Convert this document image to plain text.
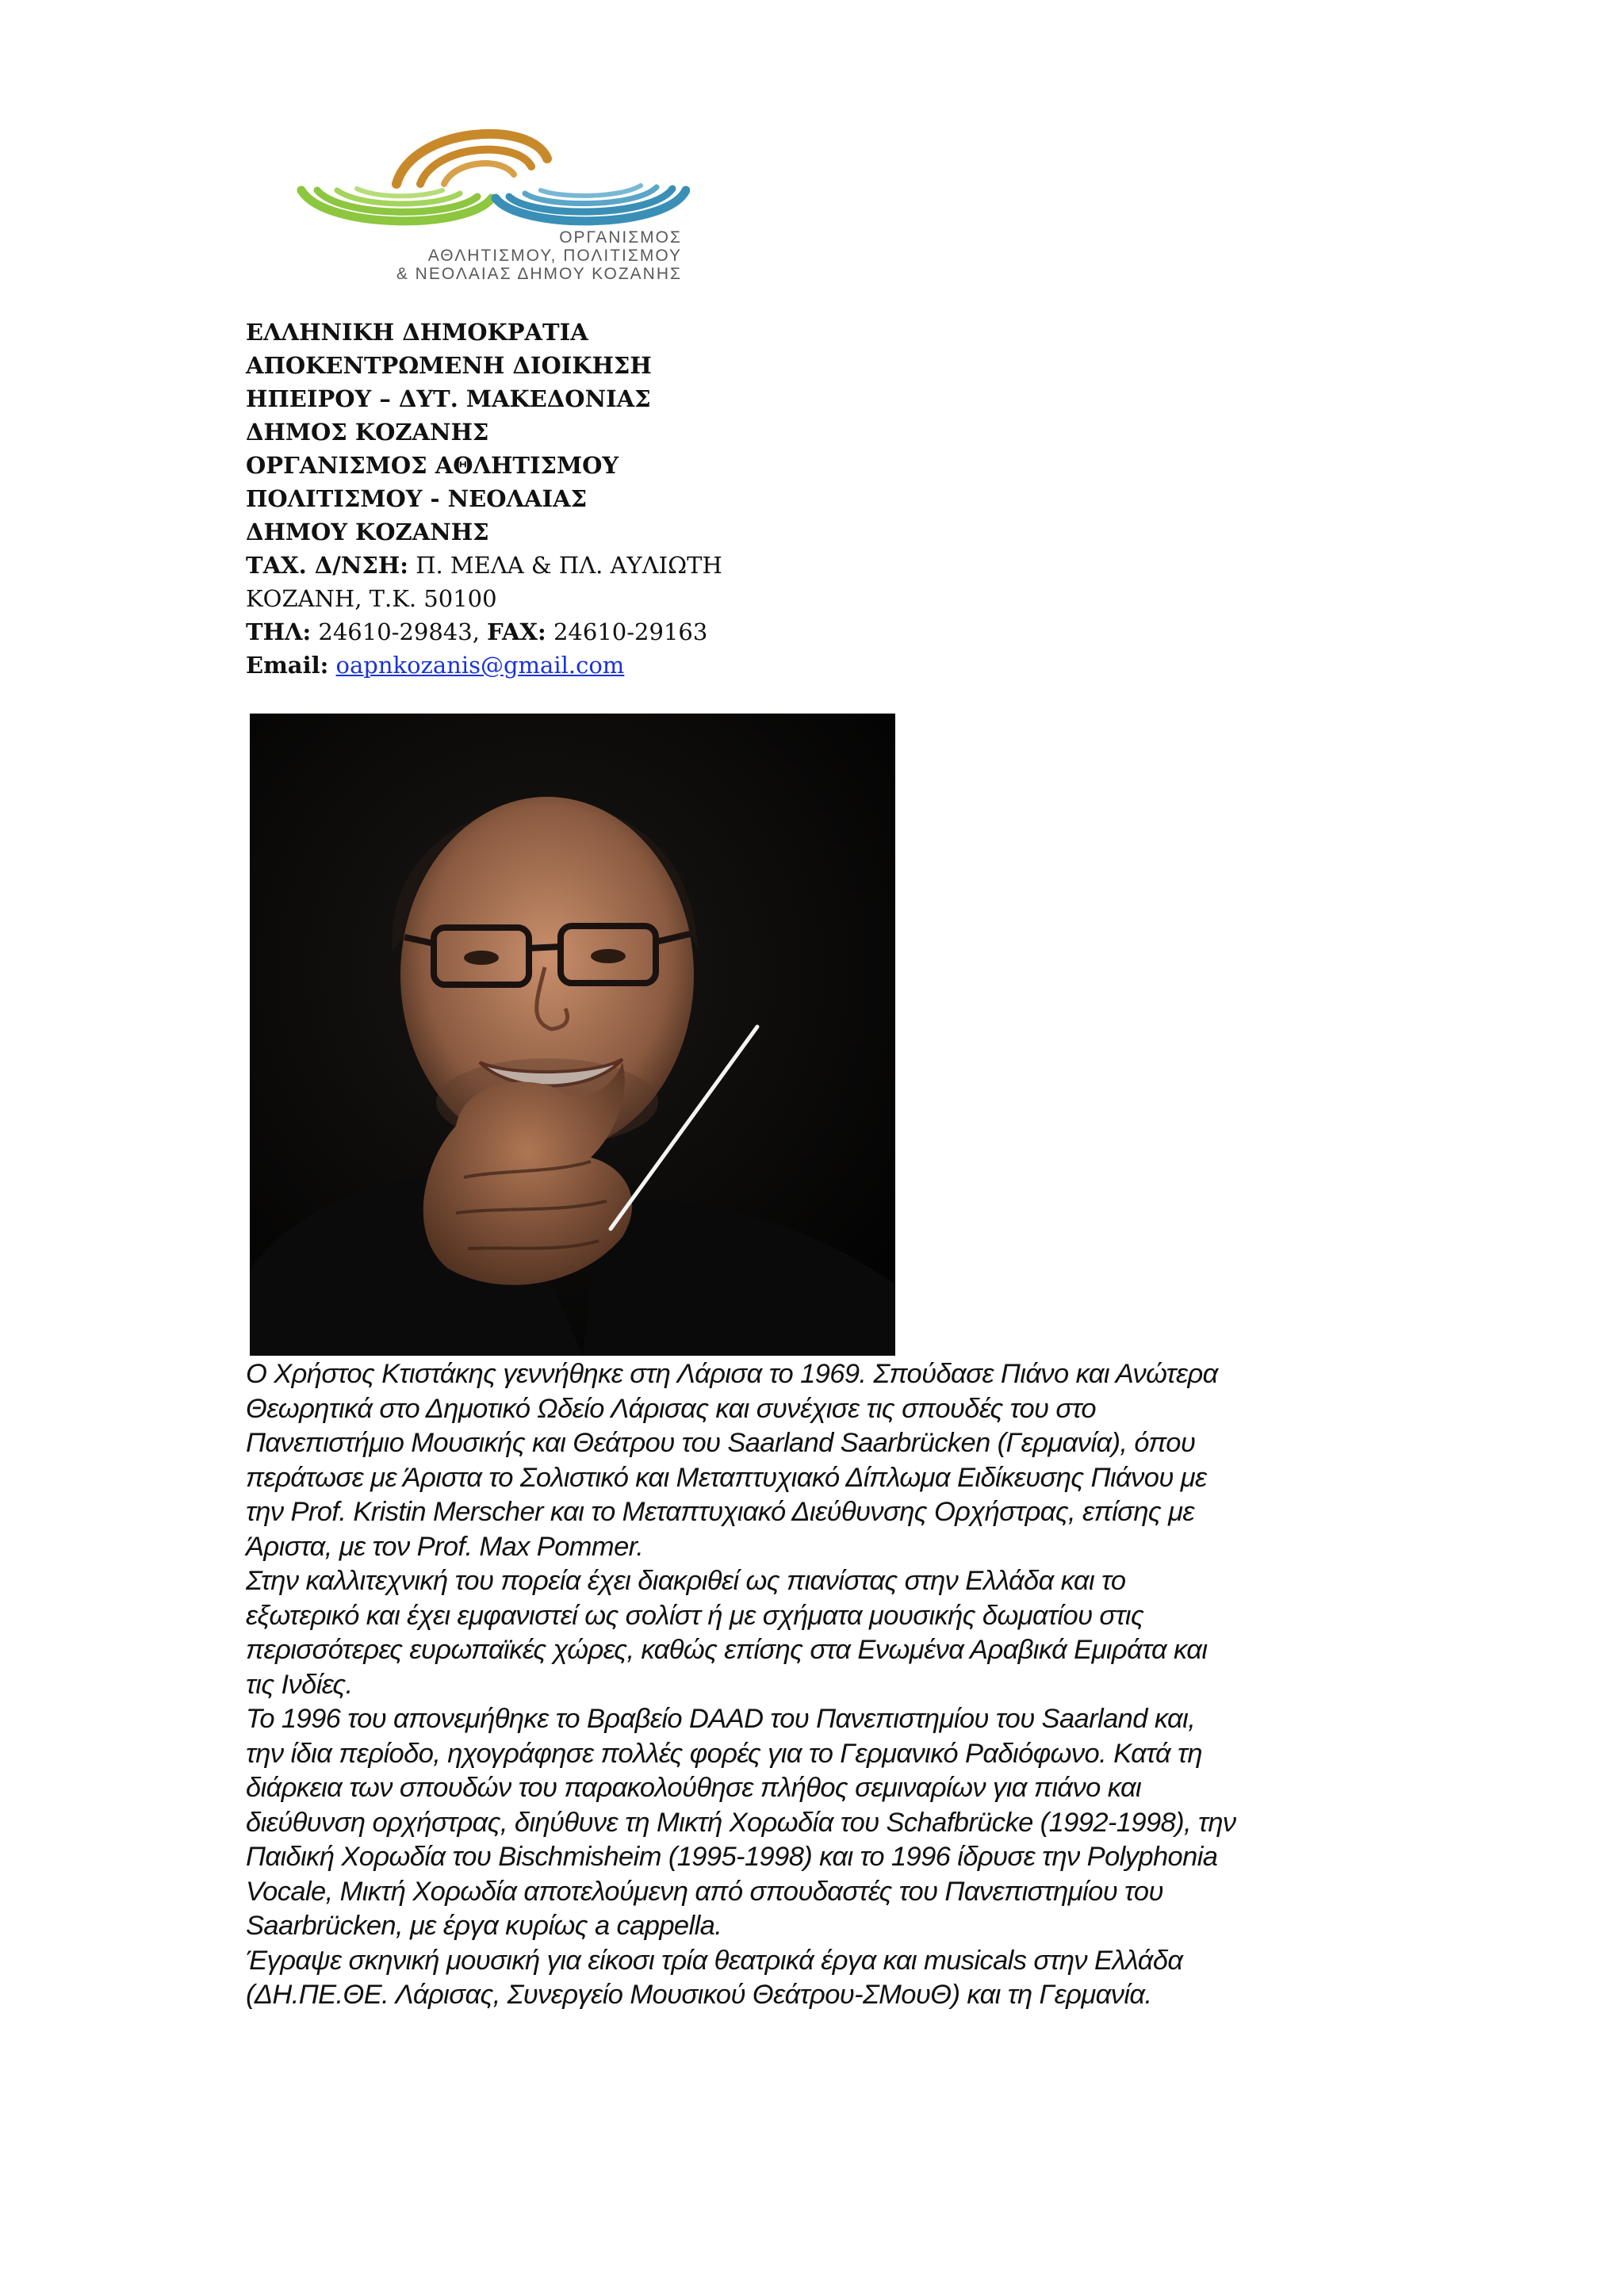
ΟΡΓΑΝΙΣΜΟΣ
ΑΘΛΗΤΙΣΜΟΥ, ΠΟΛΙΤΙΣΜΟΥ
& ΝΕΟΛΑΙΑΣ ΔΗΜΟΥ ΚΟΖΑΝΗΣ
ΕΛΛΗΝΙΚΗ ΔΗΜΟΚΡΑΤΙΑ
ΑΠΟΚΕΝΤΡΩΜΕΝΗ ΔΙΟΙΚΗΣΗ
ΗΠΕΙΡΟΥ – ΔΥΤ. ΜΑΚΕΔΟΝΙΑΣ
ΔΗΜΟΣ ΚΟΖΑΝΗΣ
ΟΡΓΑΝΙΣΜΟΣ ΑΘΛΗΤΙΣΜΟΥ
ΠΟΛΙΤΙΣΜΟΥ - ΝΕΟΛΑΙΑΣ
ΔΗΜΟΥ ΚΟΖΑΝΗΣ
ΤΑΧ. Δ/ΝΣΗ: Π. ΜΕΛΑ & ΠΛ. ΑΥΛΙΩΤΗ
ΚΟΖΑΝΗ, Τ.Κ. 50100
ΤΗΛ: 24610-29843, FAX: 24610-29163
Email: oapnkozanis@gmail.com
Ο Χρήστος Κτιστάκης γεννήθηκε στη Λάρισα το 1969. Σπούδασε Πιάνο και Ανώτερα
Θεωρητικά στο Δημοτικό Ωδείο Λάρισας και συνέχισε τις σπουδές του στο
Πανεπιστήμιο Μουσικής και Θεάτρου του Saarland Saarbrücken (Γερμανία), όπου
περάτωσε με Άριστα το Σολιστικό και Μεταπτυχιακό Δίπλωμα Ειδίκευσης Πιάνου με
την Prof. Kristin Merscher και το Μεταπτυχιακό Διεύθυνσης Ορχήστρας, επίσης με
Άριστα, με τον Prof. Max Pommer.
Στην καλλιτεχνική του πορεία έχει διακριθεί ως πιανίστας στην Ελλάδα και το
εξωτερικό και έχει εμφανιστεί ως σολίστ ή με σχήματα μουσικής δωματίου στις
περισσότερες ευρωπαϊκές χώρες, καθώς επίσης στα Ενωμένα Αραβικά Εμιράτα και
τις Ινδίες.
Το 1996 του απονεμήθηκε το Βραβείο DAAD του Πανεπιστημίου του Saarland και,
την ίδια περίοδο, ηχογράφησε πολλές φορές για το Γερμανικό Ραδιόφωνο. Κατά τη
διάρκεια των σπουδών του παρακολούθησε πλήθος σεμιναρίων για πιάνο και
διεύθυνση ορχήστρας, διηύθυνε τη Μικτή Χορωδία του Schafbrücke (1992-1998), την
Παιδική Χορωδία του Bischmisheim (1995-1998) και το 1996 ίδρυσε την Polyphonia
Vocale, Μικτή Χορωδία αποτελούμενη από σπουδαστές του Πανεπιστημίου του
Saarbrücken, με έργα κυρίως a cappella.
Έγραψε σκηνική μουσική για είκοσι τρία θεατρικά έργα και musicals στην Ελλάδα
(ΔΗ.ΠΕ.ΘΕ. Λάρισας, Συνεργείο Μουσικού Θεάτρου-ΣΜουΘ) και τη Γερμανία.
